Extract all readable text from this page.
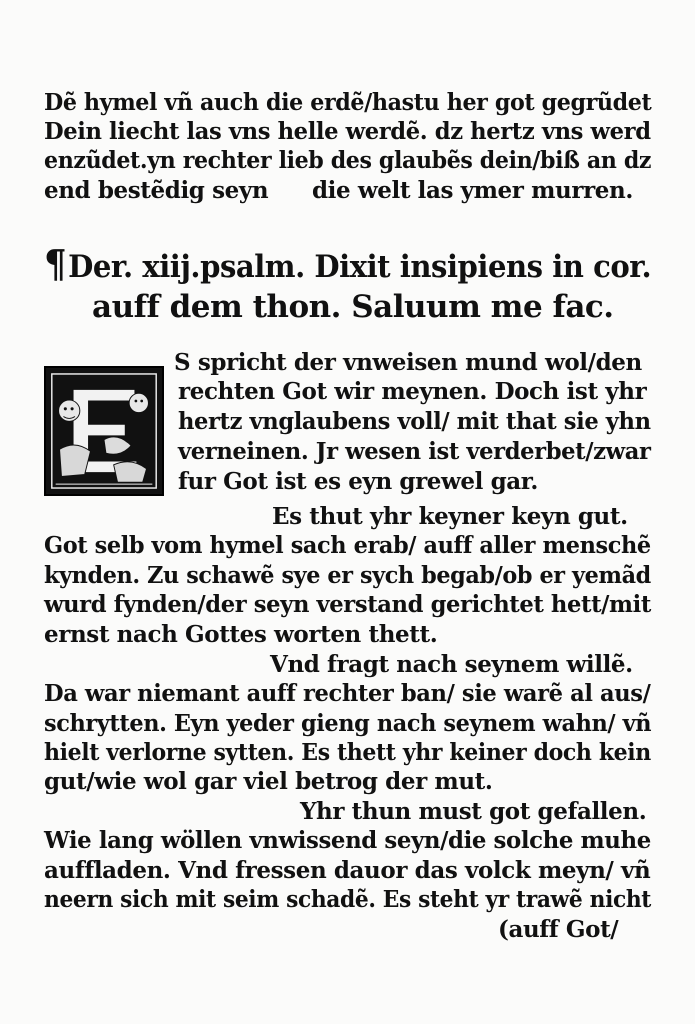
Dẽ hymel vñ auch die erdẽ/hastu her got gegrũdet
Dein liecht las vns helle werdẽ. dz hertz vns werd
enzũdet.yn rechter lieb des glaubẽs dein/biß an dz
end bestẽdig seyn die welt las ymer murren.
¶Der. xiij.psalm. Dixit insipiens in cor.
auff dem thon. Saluum me fac.
S spricht der vnweisen mund wol/den
rechten Got wir meynen. Doch ist yhr
hertz vnglaubens voll/ mit that sie yhn
verneinen. Jr wesen ist verderbet/zwar
fur Got ist es eyn grewel gar.
Es thut yhr keyner keyn gut.
Got selb vom hymel sach erab/ auff aller menschẽ
kynden. Zu schawẽ sye er sych begab/ob er yemãd
wurd fynden/der seyn verstand gerichtet hett/mit
ernst nach Gottes worten thett.
Vnd fragt nach seynem willẽ.
Da war niemant auff rechter ban/ sie warẽ al aus/
schrytten. Eyn yeder gieng nach seynem wahn/ vñ
hielt verlorne sytten. Es thett yhr keiner doch kein
gut/wie wol gar viel betrog der mut.
Yhr thun must got gefallen.
Wie lang wöllen vnwissend seyn/die solche muhe
auffladen. Vnd fressen dauor das volck meyn/ vñ
neern sich mit seim schadẽ. Es steht yr trawẽ nicht
(auff Got/
